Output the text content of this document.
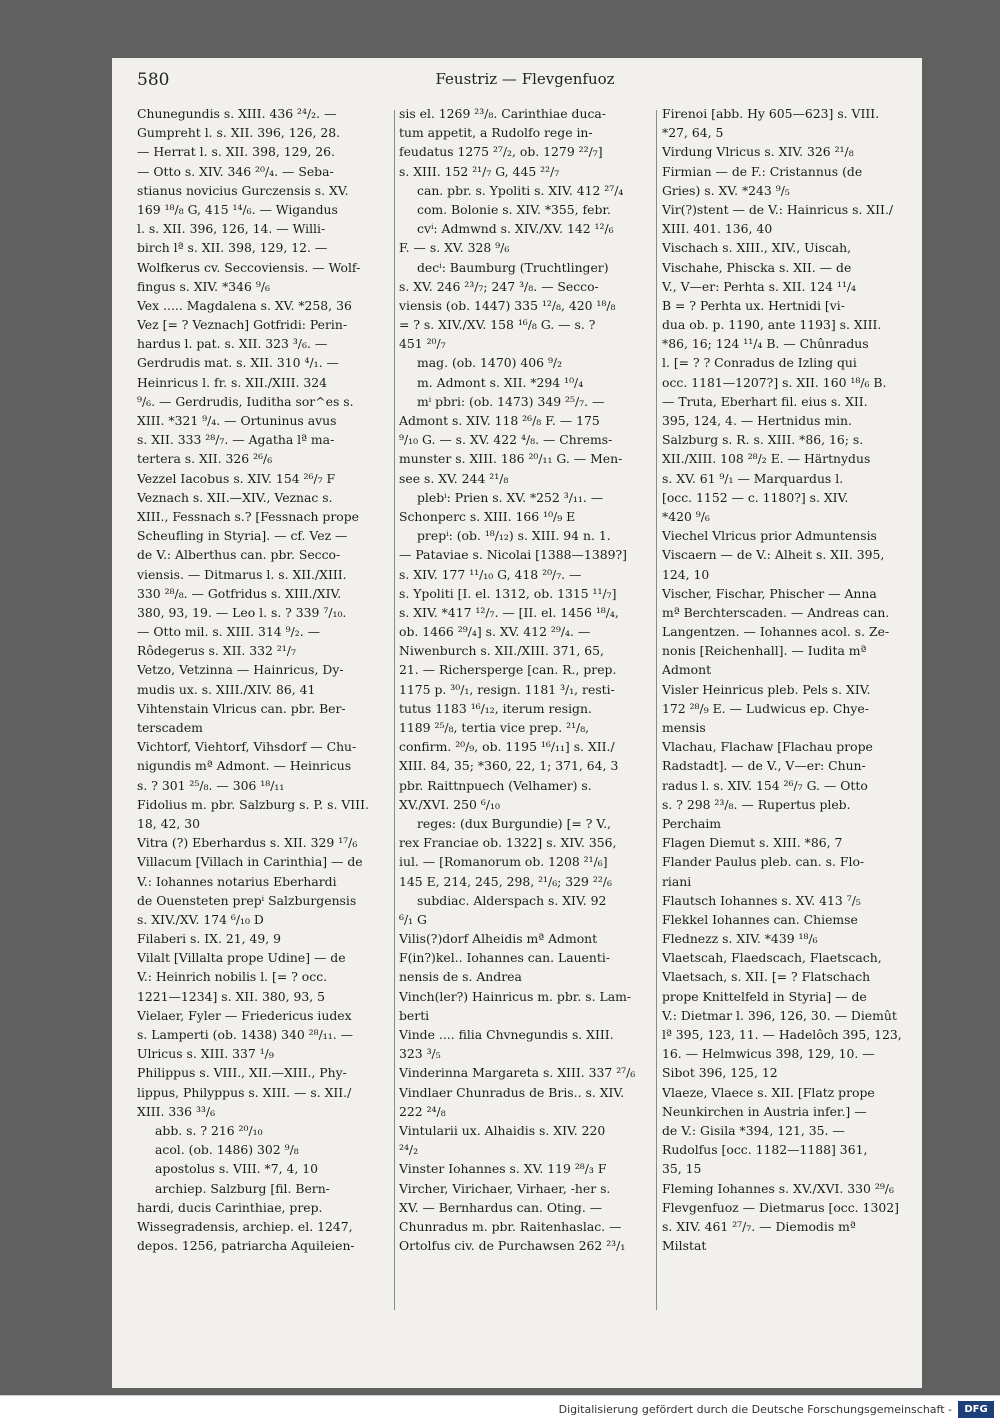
580	Feustriz — Flevgenfuoz
Chunegundis s. XIII. 436 ²⁴/₂. —
Gumpreht l. s. XII. 396, 126, 28.
— Herrat l. s. XII. 398, 129, 26.
— Otto s. XIV. 346 ²⁰/₄. — Seba-
stianus novicius Gurczensis s. XV.
169 ¹⁸/₈ G, 415 ¹⁴/₆. — Wigandus
l. s. XII. 396, 126, 14. — Willi-
birch lª s. XII. 398, 129, 12. —
Wolfkerus cv. Seccoviensis. — Wolf-
fingus s. XIV. *346 ⁹/₆
Vex ..... Magdalena s. XV. *258, 36
Vez [= ? Veznach] Gotfridi: Perin-
hardus l. pat. s. XII. 323 ³/₆. —
Gerdrudis mat. s. XII. 310 ⁴/₁. —
Heinricus l. fr. s. XII./XIII. 324
⁹/₆. — Gerdrudis, Iuditha sor^es s.
XIII. *321 ⁹/₄. — Ortuninus avus
s. XII. 333 ²⁸/₇. — Agatha lª ma-
tertera s. XII. 326 ²⁶/₆
Vezzel Iacobus s. XIV. 154 ²⁶/₇ F
Veznach s. XII.—XIV., Veznac s.
XIII., Fessnach s.? [Fessnach prope
Scheufling in Styria]. — cf. Vez —
de V.: Alberthus can. pbr. Secco-
viensis. — Ditmarus l. s. XII./XIII.
330 ²⁸/₈. — Gotfridus s. XIII./XIV.
380, 93, 19. — Leo l. s. ? 339 ⁷/₁₀.
— Otto mil. s. XIII. 314 ⁹/₂. —
Rôdegerus s. XII. 332 ²¹/₇
Vetzo, Vetzinna — Hainricus, Dy-
mudis ux. s. XIII./XIV. 86, 41
Vihtenstain Vlricus can. pbr. Ber-
terscadem
Vichtorf, Viehtorf, Vihsdorf — Chu-
nigundis mª Admont. — Heinricus
s. ? 301 ²⁵/₈. — 306 ¹⁸/₁₁
Fidolius m. pbr. Salzburg s. P. s. VIII.
18, 42, 30
Vitra (?) Eberhardus s. XII. 329 ¹⁷/₆
Villacum [Villach in Carinthia] — de
V.: Iohannes notarius Eberhardi
de Ouensteten prepⁱ Salzburgensis
s. XIV./XV. 174 ⁶/₁₀ D
Filaberi s. IX. 21, 49, 9
Vilalt [Villalta prope Udine] — de
V.: Heinrich nobilis l. [= ? occ.
1221—1234] s. XII. 380, 93, 5
Vielaer, Fyler — Friedericus iudex
s. Lamperti (ob. 1438) 340 ²⁸/₁₁. —
Ulricus s. XIII. 337 ¹/₉
Philippus s. VIII., XII.—XIII., Phy-
lippus, Philyppus s. XIII. — s. XII./
XIII. 336 ³³/₆
abb. s. ? 216 ²⁰/₁₀
acol. (ob. 1486) 302 ⁹/₈
apostolus s. VIII. *7, 4, 10
archiep. Salzburg [fil. Bern-
hardi, ducis Carinthiae, prep.
Wissegradensis, archiep. el. 1247,
depos. 1256, patriarcha Aquileien-
sis el. 1269 ²³/₈. Carinthiae duca-
tum appetit, a Rudolfo rege in-
feudatus 1275 ²⁷/₂, ob. 1279 ²²/₇]
s. XIII. 152 ²¹/₇ G, 445 ²²/₇
can. pbr. s. Ypoliti s. XIV. 412 ²⁷/₄
com. Bolonie s. XIV. *355, febr.
cvⁱ: Admwnd s. XIV./XV. 142 ¹²/₆
F. — s. XV. 328 ⁹/₆
decⁱ: Baumburg (Truchtlinger)
s. XV. 246 ²³/₇; 247 ³/₈. — Secco-
viensis (ob. 1447) 335 ¹²/₈, 420 ¹⁸/₈
= ? s. XIV./XV. 158 ¹⁶/₈ G. — s. ?
451 ²⁰/₇
mag. (ob. 1470) 406 ⁹/₂
m. Admont s. XII. *294 ¹⁰/₄
mⁱ pbri: (ob. 1473) 349 ²⁵/₇. —
Admont s. XIV. 118 ²⁶/₈ F. — 175
⁹/₁₀ G. — s. XV. 422 ⁴/₈. — Chrems-
munster s. XIII. 186 ²⁰/₁₁ G. — Men-
see s. XV. 244 ²¹/₈
plebⁱ: Prien s. XV. *252 ³/₁₁. —
Schonperc s. XIII. 166 ¹⁰/₉ E
prepⁱ: (ob. ¹⁸/₁₂) s. XIII. 94 n. 1.
— Pataviae s. Nicolai [1388—1389?]
s. XIV. 177 ¹¹/₁₀ G, 418 ²⁰/₇. —
s. Ypoliti [I. el. 1312, ob. 1315 ¹¹/₇]
s. XIV. *417 ¹²/₇. — [II. el. 1456 ¹⁸/₄,
ob. 1466 ²⁹/₄] s. XV. 412 ²⁹/₄. —
Niwenburch s. XII./XIII. 371, 65,
21. — Richersperge [can. R., prep.
1175 p. ³⁰/₁, resign. 1181 ³/₁, resti-
tutus 1183 ¹⁶/₁₂, iterum resign.
1189 ²⁵/₈, tertia vice prep. ²¹/₈,
confirm. ²⁰/₉, ob. 1195 ¹⁶/₁₁] s. XII./
XIII. 84, 35; *360, 22, 1; 371, 64, 3
pbr. Raittnpuech (Velhamer) s.
XV./XVI. 250 ⁶/₁₀
reges: (dux Burgundie) [= ? V.,
rex Franciae ob. 1322] s. XIV. 356,
iul. — [Romanorum ob. 1208 ²¹/₆]
145 E, 214, 245, 298, ²¹/₆; 329 ²²/₆
subdiac. Alderspach s. XIV. 92
⁶/₁ G
Vilis(?)dorf Alheidis mª Admont
F(in?)kel.. Iohannes can. Lauenti-
nensis de s. Andrea
Vinch(ler?) Hainricus m. pbr. s. Lam-
berti
Vinde .... filia Chvnegundis s. XIII.
323 ³/₅
Vinderinna Margareta s. XIII. 337 ²⁷/₆
Vindlaer Chunradus de Bris.. s. XIV.
222 ²⁴/₈
Vintularii ux. Alhaidis s. XIV. 220
²⁴/₂
Vinster Iohannes s. XV. 119 ²⁸/₃ F
Vircher, Virichaer, Virhaer, -her s.
XV. — Bernhardus can. Oting. —
Chunradus m. pbr. Raitenhaslac. —
Ortolfus civ. de Purchawsen 262 ²³/₁
Firenoi [abb. Hy 605—623] s. VIII.
*27, 64, 5
Virdung Vlricus s. XIV. 326 ²¹/₈
Firmian — de F.: Cristannus (de
Gries) s. XV. *243 ⁹/₅
Vir(?)stent — de V.: Hainricus s. XII./
XIII. 401. 136, 40
Vischach s. XIII., XIV., Uiscah,
Vischahe, Phiscka s. XII. — de
V., V—er: Perhta s. XII. 124 ¹¹/₄
B = ? Perhta ux. Hertnidi [vi-
dua ob. p. 1190, ante 1193] s. XIII.
*86, 16; 124 ¹¹/₄ B. — Chûnradus
l. [= ? ? Conradus de Izling qui
occ. 1181—1207?] s. XII. 160 ¹⁸/₆ B.
— Truta, Eberhart fil. eius s. XII.
395, 124, 4. — Hertnidus min.
Salzburg s. R. s. XIII. *86, 16; s.
XII./XIII. 108 ²⁸/₂ E. — Härtnydus
s. XV. 61 ⁹/₁ — Marquardus l.
[occ. 1152 — c. 1180?] s. XIV.
*420 ⁹/₆
Viechel Vlricus prior Admuntensis
Viscaern — de V.: Alheit s. XII. 395,
124, 10
Vischer, Fischar, Phischer — Anna
mª Berchterscaden. — Andreas can.
Langentzen. — Iohannes acol. s. Ze-
nonis [Reichenhall]. — Iudita mª
Admont
Visler Heinricus pleb. Pels s. XIV.
172 ²⁸/₉ E. — Ludwicus ep. Chye-
mensis
Vlachau, Flachaw [Flachau prope
Radstadt]. — de V., V—er: Chun-
radus l. s. XIV. 154 ²⁶/₇ G. — Otto
s. ? 298 ²³/₈. — Rupertus pleb.
Perchaim
Flagen Diemut s. XIII. *86, 7
Flander Paulus pleb. can. s. Flo-
riani
Flautsch Iohannes s. XV. 413 ⁷/₅
Flekkel Iohannes can. Chiemse
Flednezz s. XIV. *439 ¹⁸/₆
Vlaetscah, Flaedscach, Flaetscach,
Vlaetsach, s. XII. [= ? Flatschach
prope Knittelfeld in Styria] — de
V.: Dietmar l. 396, 126, 30. — Diemût
lª 395, 123, 11. — Hadelôch 395, 123,
16. — Helmwicus 398, 129, 10. —
Sibot 396, 125, 12
Vlaeze, Vlaece s. XII. [Flatz prope
Neunkirchen in Austria infer.] —
de V.: Gisila *394, 121, 35. —
Rudolfus [occ. 1182—1188] 361,
35, 15
Fleming Iohannes s. XV./XVI. 330 ²⁹/₆
Flevgenfuoz — Dietmarus [occ. 1302]
s. XIV. 461 ²⁷/₇. — Diemodis mª
Milstat
Digitalisierung gefördert durch die Deutsche Forschungsgemeinschaft -	DFG
